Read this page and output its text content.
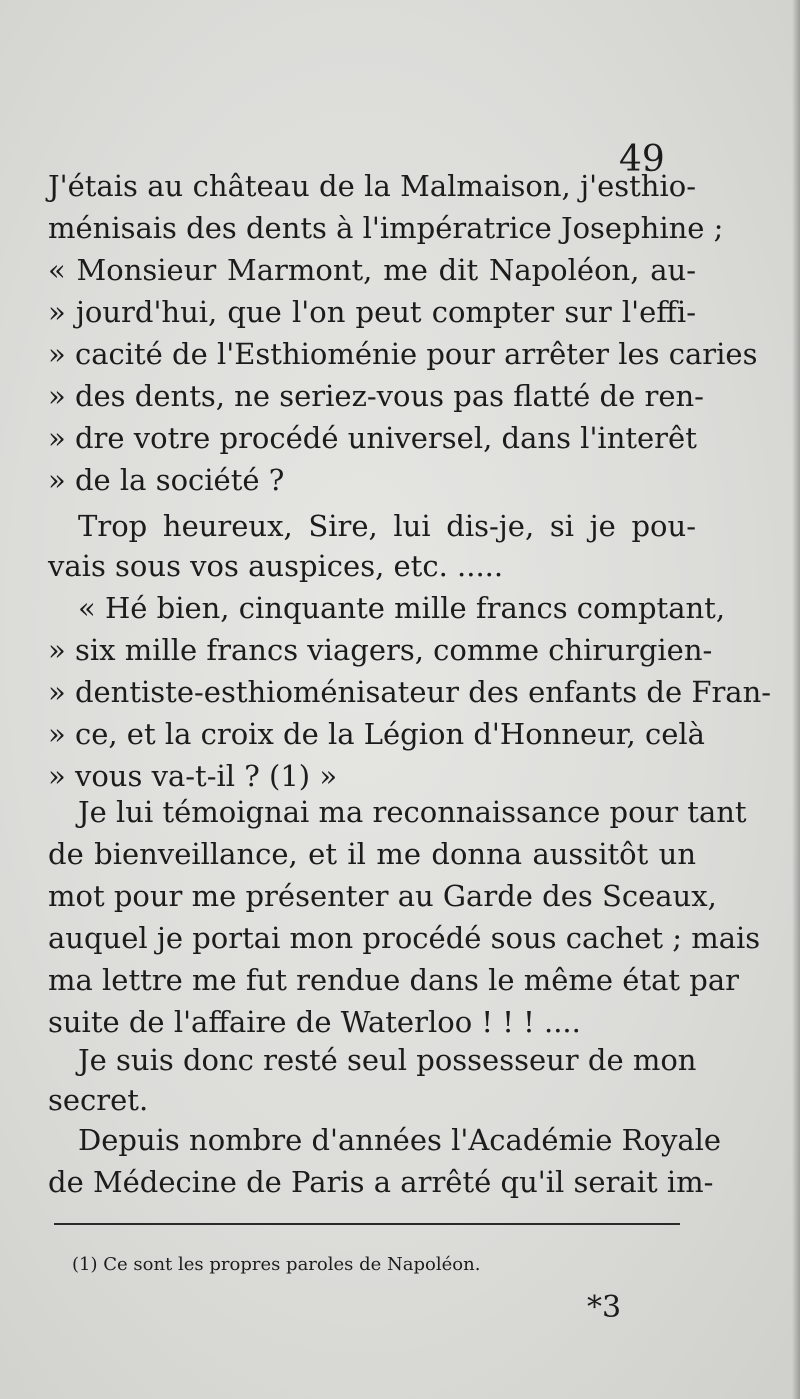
49
J'étais au château de la Malmaison, j'esthio-
ménisais des dents à l'impératrice Josephine ;
« Monsieur Marmont, me dit Napoléon, au-
» jourd'hui, que l'on peut compter sur l'effi-
» cacité de l'Esthioménie pour arrêter les caries
» des dents, ne seriez-vous pas flatté de ren-
» dre votre procédé universel, dans l'interêt
» de la société ?
Trop heureux, Sire, lui dis-je, si je pou-
vais sous vos auspices, etc. .....
« Hé bien, cinquante mille francs comptant,
» six mille francs viagers, comme chirurgien-
» dentiste-esthioménisateur des enfants de Fran-
» ce, et la croix de la Légion d'Honneur, celà
» vous va-t-il ? (1) »
Je lui témoignai ma reconnaissance pour tant
de bienveillance, et il me donna aussitôt un
mot pour me présenter au Garde des Sceaux,
auquel je portai mon procédé sous cachet ; mais
ma lettre me fut rendue dans le même état par
suite de l'affaire de Waterloo ! ! ! ....
Je suis donc resté seul possesseur de mon
secret.
Depuis nombre d'années l'Académie Royale
de Médecine de Paris a arrêté qu'il serait im-
(1) Ce sont les propres paroles de Napoléon.
*3
